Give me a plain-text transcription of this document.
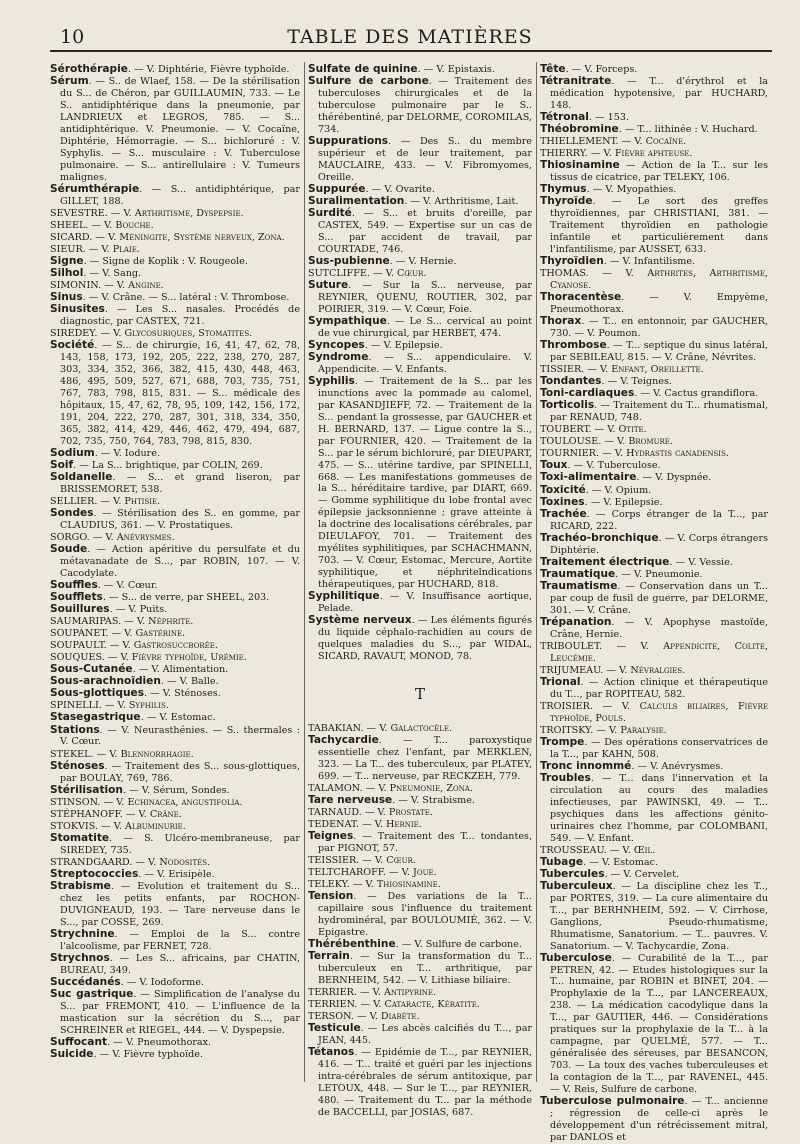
10	TABLE DES MATIÈRES
Sérothérapie. — V. Diphtérie, Fièvre typhoïde.
Sérum. — S.. de Wlaef, 158. — De la stérilisation du S... de Chéron, par GUILLAUMIN, 733. — Le S.. antidiphtérique dans la pneumonie, par LANDRIEUX et LEGROS, 785. — S... antidiphtérique. V. Pneumonie. — V. Cocaïne, Diphtérie, Hémorragie. — S... bichloruré : V. Syphylis. — S... musculaire : V. Tuberculose pulmonaire. — S... antirellulaire : V. Tumeurs malignes.
Sérumthérapie. — S... antidiphtérique, par GILLET, 188.
SEVESTRE. — V. Arthritisme, Dyspepsie.
SHEEL. — V. Bouche.
SICARD. — V. Méningite, Système nerveux, Zona.
SIEUR. — V. Plaie.
Signe. — Signe de Koplik : V. Rougeole.
Silhol. — V. Sang.
SIMONIN. — V. Angine.
Sinus. — V. Crâne. — S... latéral : V. Thrombose.
Sinusites. — Les S... nasales. Procédés de diagnostic, par CASTEX, 721.
SIREDEY. — V. Glycosuriques, Stomatites.
Société. — S... de chirurgie, 16, 41, 47, 62, 78, 143, 158, 173, 192, 205, 222, 238, 270, 287, 303, 334, 352, 366, 382, 415, 430, 448, 463, 486, 495, 509, 527, 671, 688, 703, 735, 751, 767, 783, 798, 815, 831. — S... médicale des hôpitaux, 15, 47, 62, 78, 95, 109, 142, 156, 172, 191, 204, 222, 270, 287, 301, 318, 334, 350, 365, 382, 414, 429, 446, 462, 479, 494, 687, 702, 735, 750, 764, 783, 798, 815, 830.
Sodium. — V. Iodure.
Soif. — La S... brightique, par COLIN, 269.
Soldanelle. — S... et grand liseron, par BRISSEMORET, 538.
SELLIER. — V. Phtisie.
Sondes. — Stérilisation des S.. en gomme, par CLAUDIUS, 361. — V. Prostatiques.
SORGO. — V. Anévrysmes.
Soude. — Action apéritive du persulfate et du métavanadate de S..., par ROBIN, 107. — V. Cacodylate.
Souffles. — V. Cœur.
Soufflets. — S... de verre, par SHEEL, 203.
Souillures. — V. Puits.
SAUMARIPAS. — V. Néphrite.
SOUPANET. — V. Gastérine.
SOUPAULT. — V. Gastrosuccborée.
SOUQUES. — V. Fièvre typhoïde, Urémie.
Sous-Cutanée. — V. Alimentation.
Sous-arachnoïdien. — V. Balle.
Sous-glottiques. — V. Sténoses.
SPINELLI. — V. Syphilis.
Stasegastrique. — V. Estomac.
Stations. — V. Neurasthénies. — S.. thermales : V. Cœur.
STEKEL. — V. Blennorrhagie.
Sténoses. — Traitement des S... sous-glottiques, par BOULAY, 769, 786.
Stérilisation. — V. Sérum, Sondes.
STINSON. — V. Echinacea, angustifolia.
STÉPHANOFF. — V. Crâne.
STOKVIS. — V. Albuminurie.
Stomatite. — S. Ulcéro-membraneuse, par SIREDEY, 735.
STRANDGAARD. — V. Nodosités.
Streptococcies. — V. Erisipèle.
Strabisme. — Evolution et traitement du S... chez les petits enfants, par ROCHON-DUVIGNEAUD, 193. — Tare nerveuse dans le S..., par COSSE, 269.
Strychnine. — Emploi de la S... contre l'alcoolisme, par FERNET, 728.
Strychnos. — Les S... africains, par CHATIN, BUREAU, 349.
Succédanés. — V. Iodoforme.
Suc gastrique. — Simplification de l'analyse du S... par FREMONT, 410. — L'influence de la mastication sur la sécrétion du S..., par SCHREINER et RIEGEL, 444. — V. Dyspepsie.
Suffocant. — V. Pneumothorax.
Suicide. — V. Fièvre typhoïde.
Sulfate de quinine. — V. Epistaxis.
Sulfure de carbone. — Traitement des tuberculoses chirurgicales et de la tuberculose pulmonaire par le S.. thérébentiné, par DELORME, COROMILAS, 734.
Suppurations. — Des S.. du membre supérieur et de leur traitement, par MAUCLAIRE, 433. — V. Fibromyomes, Oreille.
Suppurée. — V. Ovarite.
Suralimentation. — V. Arthritisme, Lait.
Surdité. — S... et bruits d'oreille, par CASTEX, 549. — Expertise sur un cas de S... par accident de travail, par COURTADE, 746.
Sus-pubienne. — V. Hernie.
SUTCLIFFE. — V. Cœur.
Suture. — Sur la S... nerveuse, par REYNIER, QUENU, ROUTIER, 302, par POIRIER, 319. — V. Cœur, Foie.
Sympathique. — Le S... cervical au point de vue chirurgical, par HERBET, 474.
Syncopes. — V. Epilepsie.
Syndrome. — S... appendiculaire. V. Appendicite. — V. Enfants.
Syphilis. — Traitement de la S... par les inunctions avec la pommade au calomel, par KASANDJIEFF, 72. — Traitement de la S... pendant la grossesse, par GAUCHER et H. BERNARD, 137. — Ligue contre la S.., par FOURNIER, 420. — Traitement de la S... par le sérum bichloruré, par DIEUPART, 475. — S... utérine tardive, par SPINELLI, 668. — Les manifestations gommeuses de la S... héréditaire tardive, par DIART, 669. — Gomme syphilitique du lobe frontal avec épilepsie jacksonnienne ; grave atteinte à la doctrine des localisations cérébrales, par DIEULAFOY, 701. — Traitement des myélites syphilitiques, par SCHACHMANN, 703. — V. Cœur, Estomac, Mercure, Aortite syphilitique, et néphritelndications thérapeutiques, par HUCHARD, 818.
Syphilitique. — V. Insuffisance aortique, Pelade.
Système nerveux. — Les éléments figurés du liquide céphalo-rachidien au cours de quelques maladies du S..., par WIDAL, SICARD, RAVAUT, MONOD, 78.
T
TABAKIAN. — V. Galactocèle.
Tachycardie. — T... paroxystique essentielle chez l'enfant, par MERKLEN, 323. — La T... des tuberculeux, par PLATEY, 699. — T... nerveuse, par RECKZEH, 779.
TALAMON. — V. Pneumonie, Zona.
Tare nerveuse. — V. Strabisme.
TARNAUD. — V. Prostate.
TEDENAT. — V. Hernie.
Teignes. — Traitement des T... tondantes, par PIGNOT, 57.
TEISSIER. — V. Cœur.
TELTCHAROFF. — V. Joue.
TELEKY. — V. Thiosinamine.
Tension. — Des variations de la T... capillaire sous l'influence du traitement hydrominéral, par BOULOUMIÉ, 362. — V. Epigastre.
Thérébenthine. — V. Sulfure de carbone.
Terrain. — Sur la transformation du T... tuberculeux en T... arthritique, par BERNHEIM, 542. — V. Lithiase biliaire.
TERRIER. — V. Antipyrine.
TERRIEN. — V. Cataracte, Kératite.
TERSON. — V. Diabète.
Testicule. — Les abcès calcifiés du T..., par JEAN, 445.
Tétanos. — Epidémie de T..., par REYNIER, 416. — T... traité et guéri par les injections intra-cérébrales de sérum antitoxique, par LETOUX, 448. — Sur le T..., par REYNIER, 480. — Traitement du T... par la méthode de BACCELLI, par JOSIAS, 687.
Tête. — V. Forceps.
Tétranitrate. — T... d'érythrol et la médication hypotensive, par HUCHARD, 148.
Tétronal. — 153.
Théobromine. — T... lithinée : V. Huchard.
THIELLEMENT. — V. Cocaïne.
THIERRY. — V. Fièvre aphteuse.
Thiosinamine — Action de la T... sur les tissus de cicatrice, par TELEKY, 106.
Thymus. — V. Myopathies.
Thyroïde. — Le sort des greffes thyroïdiennes, par CHRISTIANI, 381. — Traitement thyroïdien en pathologie infantile et particulièrement dans l'infantilisme, par AUSSET, 633.
Thyroïdien. — V. Infantilisme.
THOMAS. — V. Arthrites, Arthritisme, Cyanose.
Thoracentèse. — V. Empyème, Pneumothorax.
Thorax. — T... en entonnoir, par GAUCHER, 730. — V. Poumon.
Thrombose. — T... septique du sinus latéral, par SEBILEAU, 815. — V. Crâne, Névrites.
TISSIER. — V. Enfant, Oreillette.
Tondantes. — V. Teignes.
Toni-cardiaques. — V. Cactus grandiflora.
Torticolis. — Traitement du T... rhumatismal, par RENAUD, 748.
TOUBERT. — V. Otite.
TOULOUSE. — V. Bromure.
TOURNIER. — V. Hydrastis canadensis.
Toux. — V. Tuberculose.
Toxi-alimentaire. — V. Dyspnée.
Toxicité. — V. Opium.
Toxines. — V. Epilepsie.
Trachée. — Corps étranger de la T..., par RICARD, 222.
Trachéo-bronchique. — V. Corps étrangers Diphtérie.
Traitement électrique. — V. Vessie.
Traumatique. — V. Pneumonie.
Traumatisme. — Conservation dans un T... par coup de fusil de guerre, par DELORME, 301. — V. Crâne.
Trépanation. — V. Apophyse mastoïde, Crâne, Hernie.
TRIBOULET. — V. Appendicite, Colite, Leucémie.
TRIJUMEAU. — V. Névralgies.
Trional. — Action clinique et thérapeutique du T..., par ROPITEAU, 582.
TROISIER. — V. Calculs biliaires, Fièvre typhoïde, Pouls.
TROITSKY. — V. Paralysie.
Trompe. — Des opérations conservatrices de la T..., par KAHN, 508.
Tronc innommé. — V. Anévrysmes.
Troubles. — T... dans l'innervation et la circulation au cours des maladies infectieuses, par PAWINSKI, 49. — T... psychiques dans les affections génito-urinaires chez l'homme, par COLOMBANI, 549. — V. Enfant.
TROUSSEAU. — V. Œil.
Tubage. — V. Estomac.
Tubercules. — V. Cervelet.
Tuberculeux. — La discipline chez les T.., par PORTES, 319. — La cure alimentaire du T..., par BERHNHEIM, 592. — V. Cirrhose, Ganglions, Pseudo-rhumatisme, Rhumatisme, Sanatorium. — T... pauvres. V. Sanatorium. — V. Tachycardie, Zona.
Tuberculose. — Curabilité de la T..., par PETREN, 42. — Etudes histologiques sur la T... humaine, par ROBIN et BINET, 204. — Prophylaxie de la T..., par LANCEREAUX, 238. — La médication cacodylique dans la T..., par GAUTIER, 446. — Considérations pratiques sur la prophylaxie de la T... à la campagne, par QUELMÉ, 577. — T... généralisée des séreuses, par BESANCON, 703. — La toux des vaches tuberculeuses et la contagion de la T..., par RAVENEL, 445. — V. Reis, Sulfure de carbone.
Tuberculose pulmonaire. — T... ancienne ; régression de celle-ci après le développement d'un rétrécissement mitral, par DANLOS et
